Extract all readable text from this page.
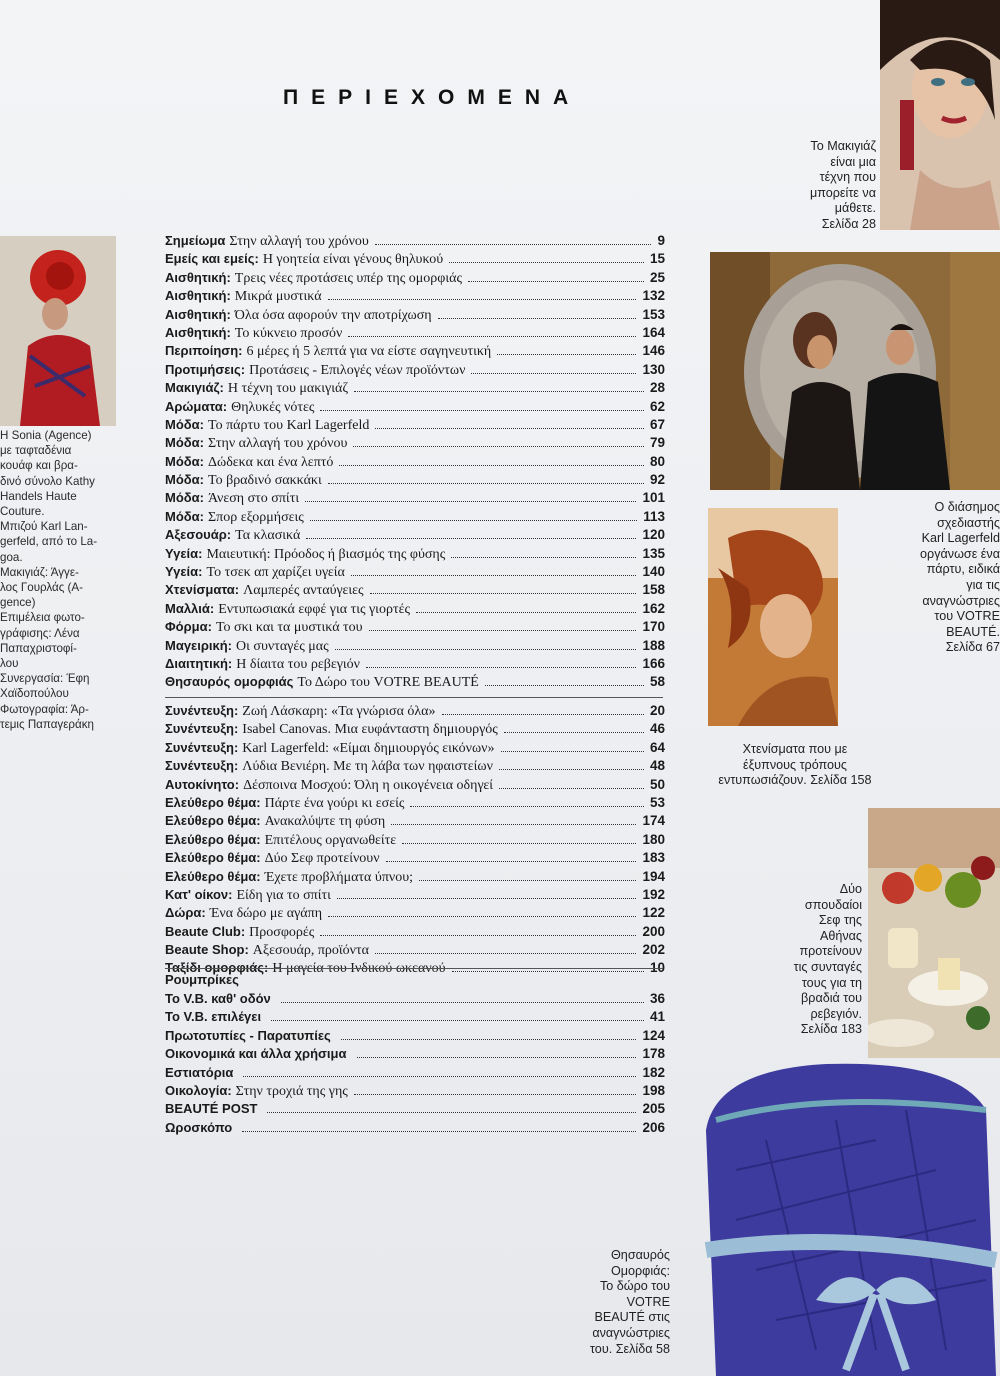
ΠΕΡΙΕΧΟΜΕΝΑ
Η Sonia (Agence)
με ταφταδένια
κουάφ και βρα-
δινό σύνολο Kathy
Handels Haute
Couture.
Μπιζού Karl Lan-
gerfeld, από το La-
goa.
Μακιγιάζ: Άγγε-
λος Γουρλάς (A-
gence)
Επιμέλεια φωτο-
γράφισης: Λένα
Παπαχριστοφί-
λου
Συνεργασία: Έφη
Χαϊδοπούλου
Φωτογραφία: Άρ-
τεμις Παπαγεράκη
Το Μακιγιάζ
είναι μια
τέχνη που
μπορείτε να
μάθετε.
Σελίδα 28
Ο διάσημος
σχεδιαστής
Karl Lagerfeld
οργάνωσε ένα
πάρτυ, ειδικά
για τις
αναγνώστριες
του VOTRE
BEAUTÉ.
Σελίδα 67
Χτενίσματα που με
έξυπνους τρόπους
εντυπωσιάζουν. Σελίδα 158
Δύο
σπουδαίοι
Σεφ της
Αθήνας
προτείνουν
τις συνταγές
τους για τη
βραδιά του
ρεβεγιόν.
Σελίδα 183
Θησαυρός
Ομορφιάς:
Το δώρο του
VOTRE
BEAUTÉ στις
αναγνώστριες
του. Σελίδα 58
Σημείωμα Στην αλλαγή του χρόνου	9
Εμείς και εμείς: Η γοητεία είναι γένους θηλυκού	15
Αισθητική: Τρεις νέες προτάσεις υπέρ της ομορφιάς	25
Αισθητική: Μικρά μυστικά	132
Αισθητική: Όλα όσα αφορούν την αποτρίχωση	153
Αισθητική: Το κύκνειο προσόν	164
Περιποίηση: 6 μέρες ή 5 λεπτά για να είστε σαγηνευτική	146
Προτιμήσεις: Προτάσεις - Επιλογές νέων προϊόντων	130
Μακιγιάζ: Η τέχνη του μακιγιάζ	28
Αρώματα: Θηλυκές νότες	62
Μόδα: Το πάρτυ του Karl Lagerfeld	67
Μόδα: Στην αλλαγή του χρόνου	79
Μόδα: Δώδεκα και ένα λεπτό	80
Μόδα: Το βραδινό σακκάκι	92
Μόδα: Άνεση στο σπίτι	101
Μόδα: Σπορ εξορμήσεις	113
Αξεσουάρ: Τα κλασικά	120
Υγεία: Μαιευτική: Πρόοδος ή βιασμός της φύσης	135
Υγεία: Το τσεκ απ χαρίζει υγεία	140
Χτενίσματα: Λαμπερές ανταύγειες	158
Μαλλιά: Εντυπωσιακά εφφέ για τις γιορτές	162
Φόρμα: Το σκι και τα μυστικά του	170
Μαγειρική: Οι συνταγές μας	188
Διαιτητική: Η δίαιτα του ρεβεγιόν	166
Θησαυρός ομορφιάς Το Δώρο του VOTRE BEAUTÉ	58
Συνέντευξη: Ζωή Λάσκαρη: «Τα γνώρισα όλα»	20
Συνέντευξη: Isabel Canovas. Μια ευφάνταστη δημιουργός	46
Συνέντευξη: Karl Lagerfeld: «Είμαι δημιουργός εικόνων»	64
Συνέντευξη: Λύδια Βενιέρη. Με τη λάβα των ηφαιστείων	48
Αυτοκίνητο: Δέσποινα Μοσχού: Όλη η οικογένεια οδηγεί	50
Ελεύθερο θέμα: Πάρτε ένα γούρι κι εσείς	53
Ελεύθερο θέμα: Ανακαλύψτε τη φύση	174
Ελεύθερο θέμα: Επιτέλους οργανωθείτε	180
Ελεύθερο θέμα: Δύο Σεφ προτείνουν	183
Ελεύθερο θέμα: Έχετε προβλήματα ύπνου;	194
Κατ' οίκον: Είδη για το σπίτι	192
Δώρα: Ένα δώρο με αγάπη	122
Beaute Club: Προσφορές	200
Beaute Shop: Αξεσουάρ, προϊόντα	202
Ταξίδι ομορφιάς: Η μαγεία του Ινδικού ωκεανού	10
Ρουμπρίκες
Το V.B. καθ' οδόν	36
Το V.B. επιλέγει	41
Πρωτοτυπίες - Παρατυπίες	124
Οικονομικά και άλλα χρήσιμα	178
Εστιατόρια	182
Οικολογία: Στην τροχιά της γης	198
BEAUTÉ POST	205
Ωροσκόπο	206
